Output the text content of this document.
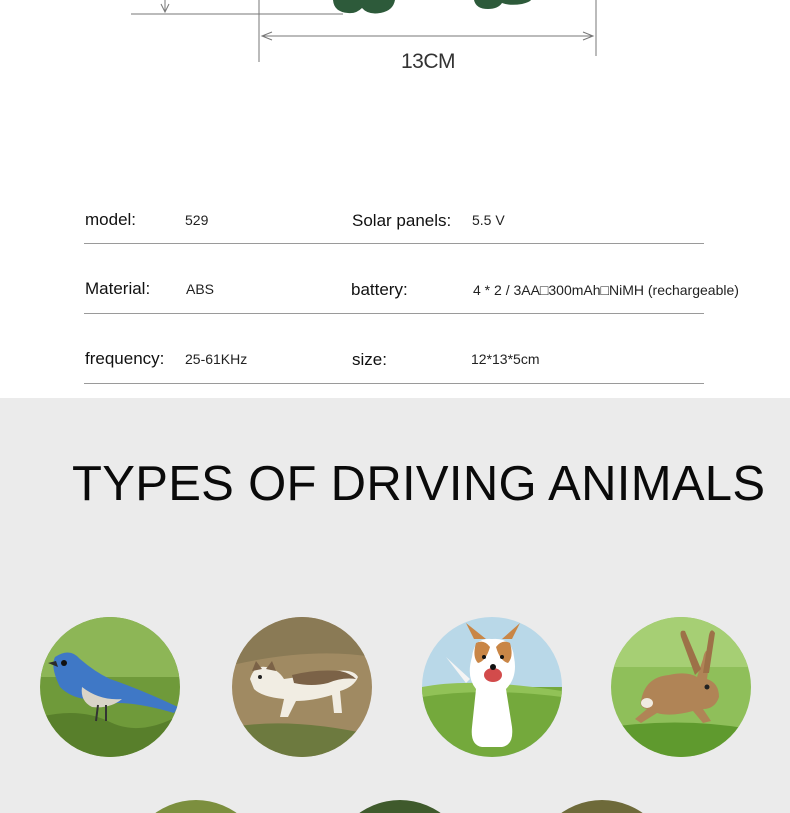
13CM
model:	529	Solar panels: 5.5 V
Material:	ABS	battery:	4 * 2 / 3AA□300mAh□NiMH (rechargeable)
frequency: 25-61KHz	size:	12*13*5cm
TYPES OF DRIVING ANIMALS
